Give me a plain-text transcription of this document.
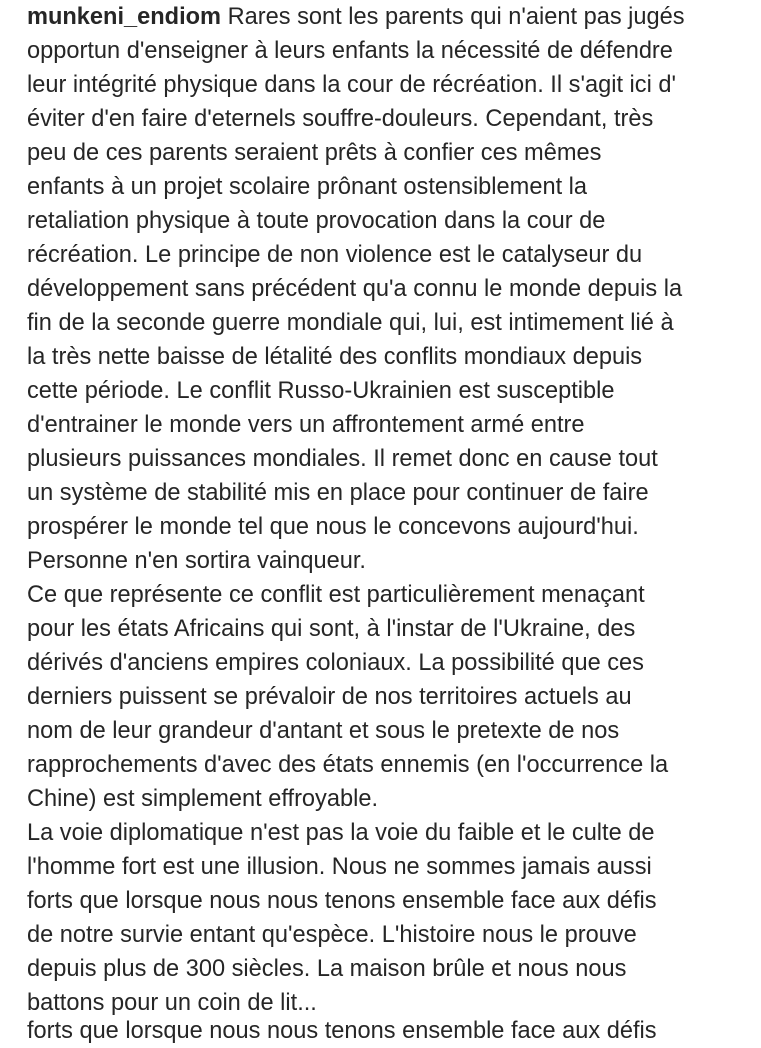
munkeni_endiom Rares sont les parents qui n'aient pas jugés
opportun d'enseigner à leurs enfants la nécessité de défendre
leur intégrité physique dans la cour de récréation. Il s'agit ici d'
éviter d'en faire d'eternels souffre-douleurs. Cependant, très
peu de ces parents seraient prêts à confier ces mêmes
enfants à un projet scolaire prônant ostensiblement la
retaliation physique à toute provocation dans la cour de
récréation. Le principe de non violence est le catalyseur du
développement sans précédent qu'a connu le monde depuis la
fin de la seconde guerre mondiale qui, lui, est intimement lié à
la très nette baisse de létalité des conflits mondiaux depuis
cette période. Le conflit Russo-Ukrainien est susceptible
d'entrainer le monde vers un affrontement armé entre
plusieurs puissances mondiales. Il remet donc en cause tout
un système de stabilité mis en place pour continuer de faire
prospérer le monde tel que nous le concevons aujourd'hui.
Personne n'en sortira vainqueur.
Ce que représente ce conflit est particulièrement menaçant
pour les états Africains qui sont, à l'instar de l'Ukraine, des
dérivés d'anciens empires coloniaux. La possibilité que ces
derniers puissent se prévaloir de nos territoires actuels au
nom de leur grandeur d'antant et sous le pretexte de nos
rapprochements d'avec des états ennemis (en l'occurrence la
Chine) est simplement effroyable.
La voie diplomatique n'est pas la voie du faible et le culte de
l'homme fort est une illusion. Nous ne sommes jamais aussi
forts que lorsque nous nous tenons ensemble face aux défis
de notre survie entant qu'espèce. L'histoire nous le prouve
depuis plus de 300 siècles. La maison brûle et nous nous
battons pour un coin de lit...
forts que lorsque nous nous tenons ensemble face aux défis
